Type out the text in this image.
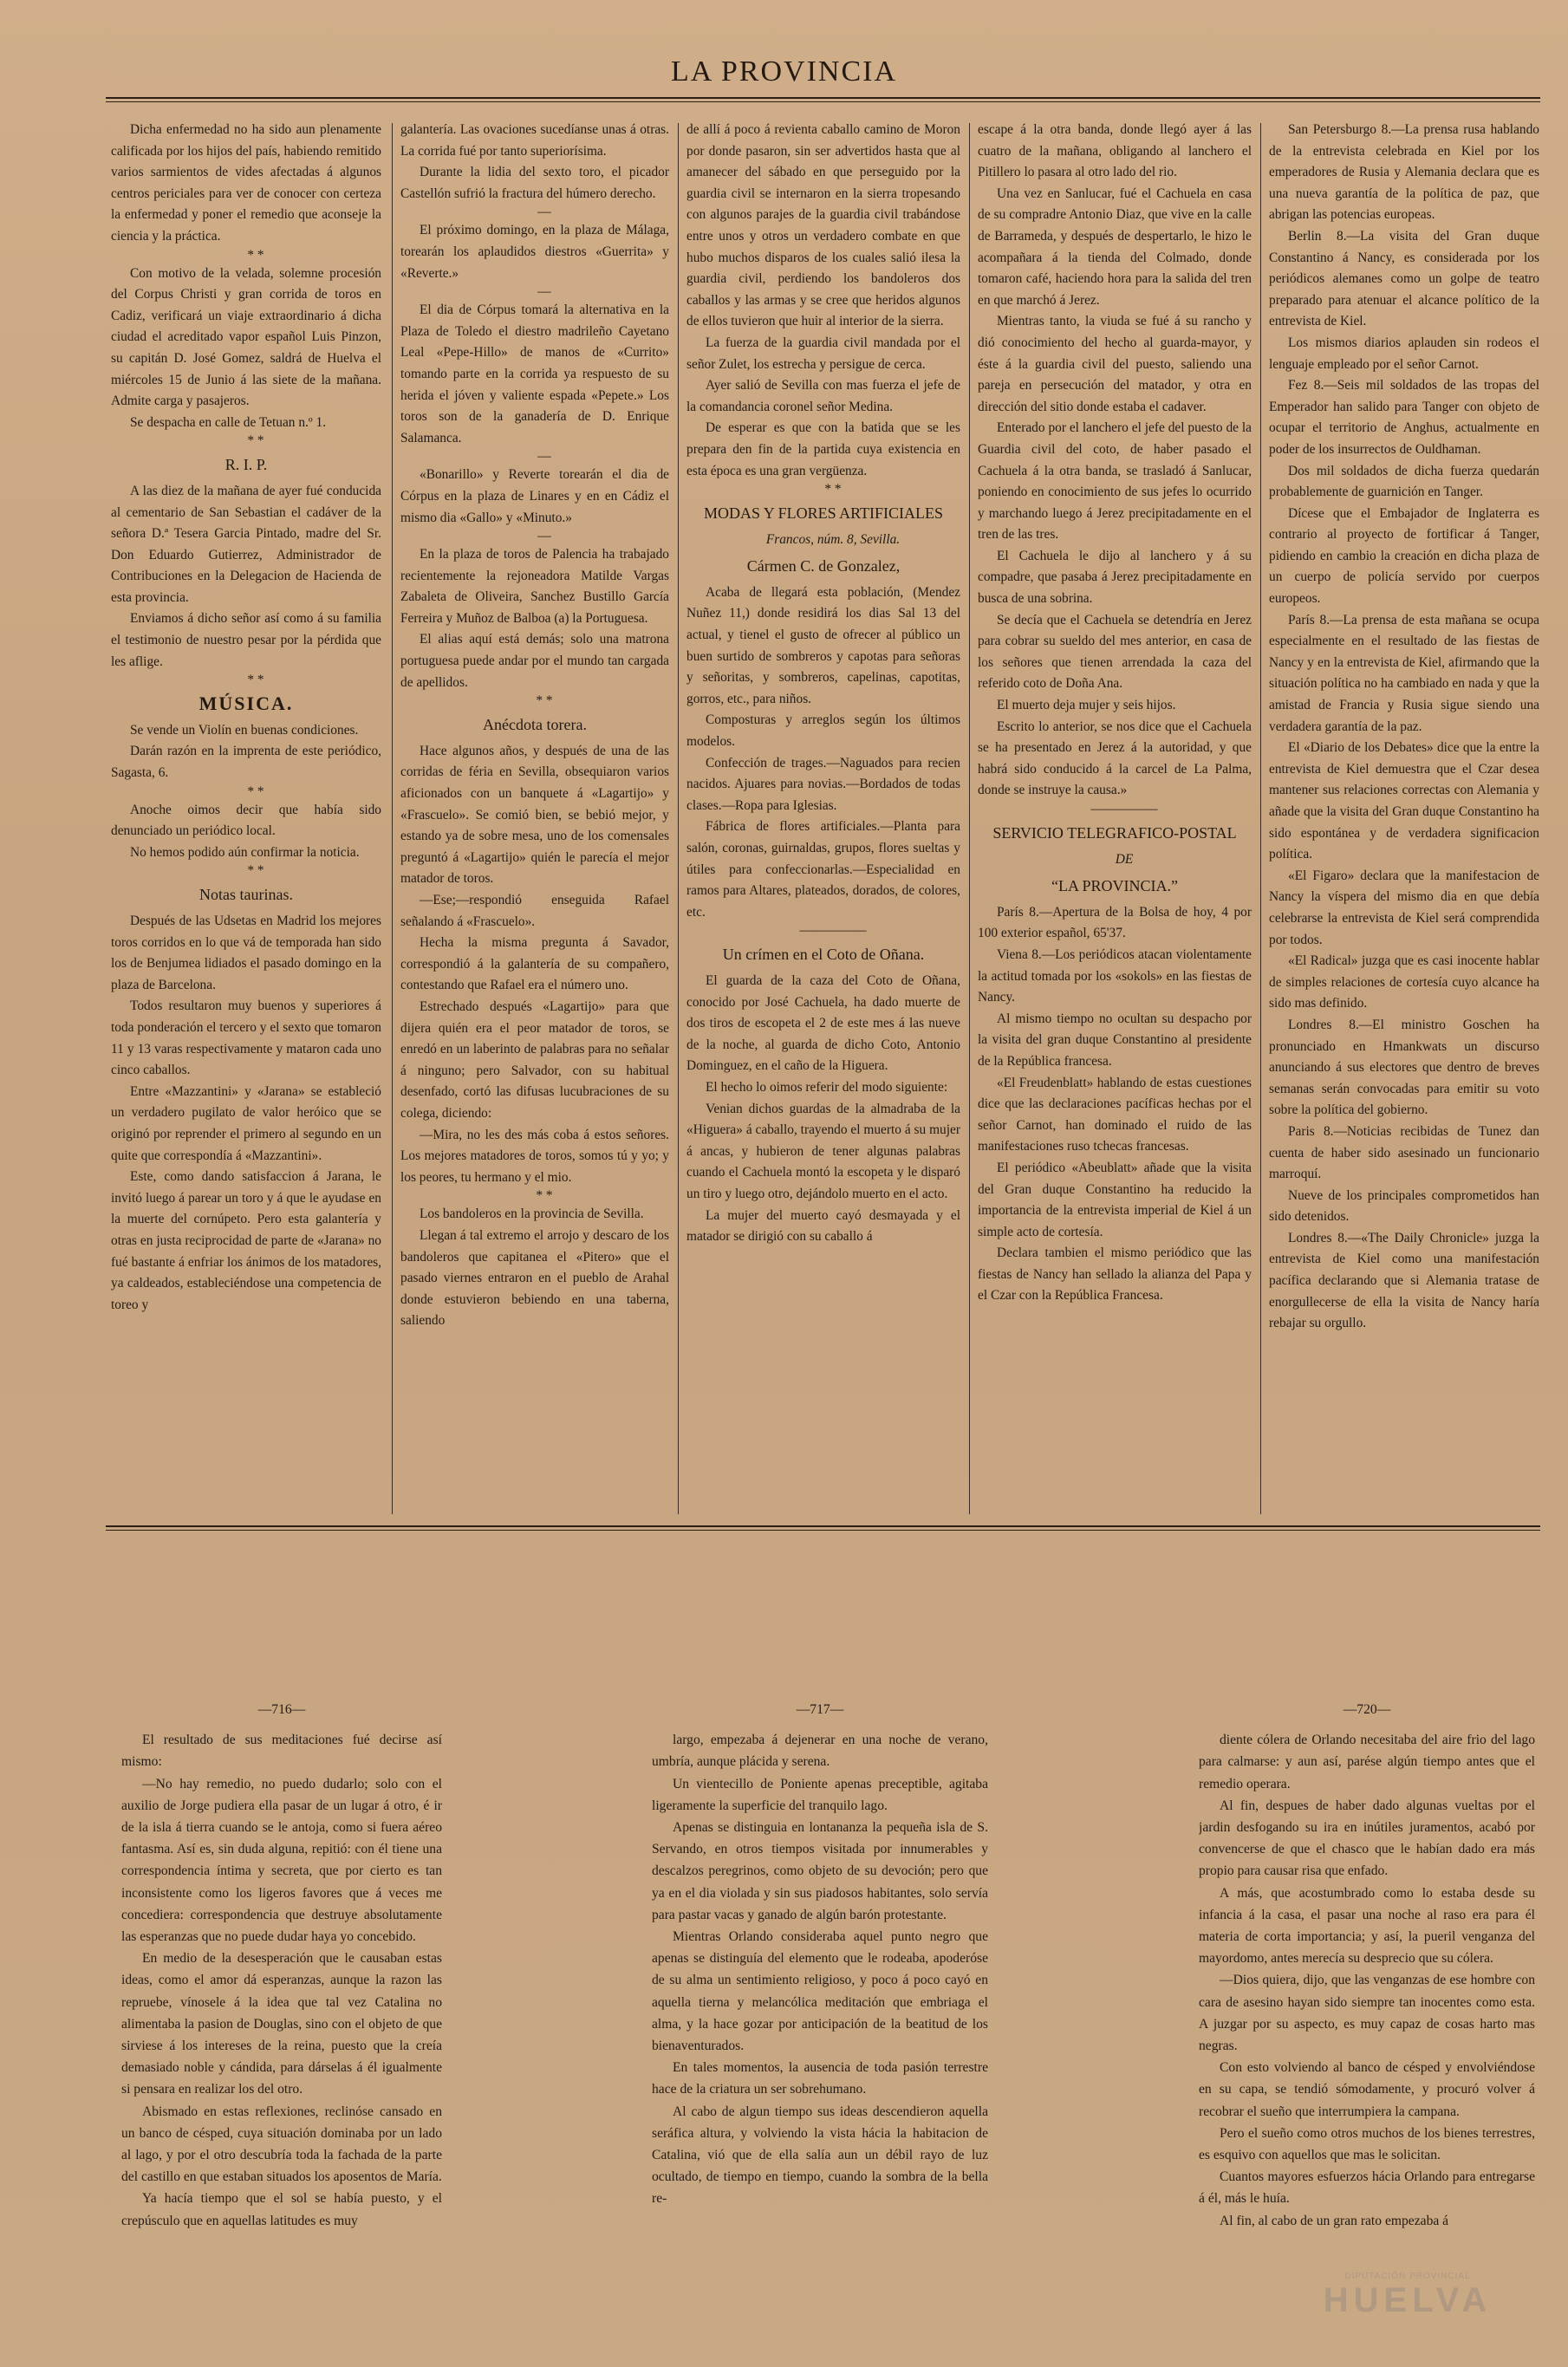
LA PROVINCIA

Dicha enfermedad no ha sido aun plenamente calificada por los hijos del país, habiendo remitido varios sarmientos de vides afectadas á algunos centros periciales para ver de conocer con certeza la enfermedad y poner el remedio que aconseje la ciencia y la práctica.

* *

Con motivo de la velada, solemne procesión del Corpus Christi y gran corrida de toros en Cadiz, verificará un viaje extraordinario á dicha ciudad el acreditado vapor español Luis Pinzon, su capitán D. José Gomez, saldrá de Huelva el miércoles 15 de Junio á las siete de la mañana. Admite carga y pasajeros.

Se despacha en calle de Tetuan n.º 1.

* *

R. I. P.

A las diez de la mañana de ayer fué conducida al cementario de San Sebastian el cadáver de la señora D.ª Tesera Garcia Pintado, madre del Sr. Don Eduardo Gutierrez, Administrador de Contribuciones en la Delegacion de Hacienda de esta provincia.

Enviamos á dicho señor así como á su familia el testimonio de nuestro pesar por la pérdida que les aflige.

* *

MÚSICA.

Se vende un Violín en buenas condiciones.

Darán razón en la imprenta de este periódico, Sagasta, 6.

* *

Anoche oimos decir que había sido denunciado un periódico local.

No hemos podido aún confirmar la noticia.

* *

Notas taurinas.

Después de las Udsetas en Madrid los mejores toros corridos en lo que vá de temporada han sido los de Benjumea lidiados el pasado domingo en la plaza de Barcelona.

Todos resultaron muy buenos y superiores á toda ponderación el tercero y el sexto que tomaron 11 y 13 varas respectivamente y mataron cada uno cinco caballos.

Entre «Mazzantini» y «Jarana» se estableció un verdadero pugilato de valor heróico que se originó por reprender el primero al segundo en un quite que correspondía á «Mazzantini».

Este, como dando satisfaccion á Jarana, le invitó luego á parear un toro y á que le ayudase en la muerte del cornúpeto. Pero esta galantería y otras en justa reciprocidad de parte de «Jarana» no fué bastante á enfriar los ánimos de los matadores, ya caldeados, estableciéndose una competencia de toreo y

galantería. Las ovaciones sucedíanse unas á otras. La corrida fué por tanto superiorísima.

Durante la lidia del sexto toro, el picador Castellón sufrió la fractura del húmero derecho.

—

El próximo domingo, en la plaza de Málaga, torearán los aplaudidos diestros «Guerrita» y «Reverte.»

—

El dia de Córpus tomará la alternativa en la Plaza de Toledo el diestro madrileño Cayetano Leal «Pepe-Hillo» de manos de «Currito» tomando parte en la corrida ya respuesto de su herida el jóven y valiente espada «Pepete.» Los toros son de la ganadería de D. Enrique Salamanca.

—

«Bonarillo» y Reverte torearán el dia de Córpus en la plaza de Linares y en en Cádiz el mismo dia «Gallo» y «Minuto.»

—

En la plaza de toros de Palencia ha trabajado recientemente la rejoneadora Matilde Vargas Zabaleta de Oliveira, Sanchez Bustillo García Ferreira y Muñoz de Balboa (a) la Portuguesa.

El alias aquí está demás; solo una matrona portuguesa puede andar por el mundo tan cargada de apellidos.

* *

Anécdota torera.

Hace algunos años, y después de una de las corridas de féria en Sevilla, obsequiaron varios aficionados con un banquete á «Lagartijo» y «Frascuelo». Se comió bien, se bebió mejor, y estando ya de sobre mesa, uno de los comensales preguntó á «Lagartijo» quién le parecía el mejor matador de toros.

—Ese;—respondió enseguida Rafael señalando á «Frascuelo».

Hecha la misma pregunta á Savador, correspondió á la galantería de su compañero, contestando que Rafael era el número uno.

Estrechado después «Lagartijo» para que dijera quién era el peor matador de toros, se enredó en un laberinto de palabras para no señalar á ninguno; pero Salvador, con su habitual desenfado, cortó las difusas lucubraciones de su colega, diciendo:

—Mira, no les des más coba á estos señores. Los mejores matadores de toros, somos tú y yo; y los peores, tu hermano y el mio.

* *

Los bandoleros en la provincia de Sevilla.

Llegan á tal extremo el arrojo y descaro de los bandoleros que capitanea el «Pitero» que el pasado viernes entraron en el pueblo de Arahal donde estuvieron bebiendo en una taberna, saliendo

de allí á poco á revienta caballo camino de Moron por donde pasaron, sin ser advertidos hasta que al amanecer del sábado en que perseguido por la guardia civil se internaron en la sierra tropesando con algunos parajes de la guardia civil trabándose entre unos y otros un verdadero combate en que hubo muchos disparos de los cuales salió ilesa la guardia civil, perdiendo los bandoleros dos caballos y las armas y se cree que heridos algunos de ellos tuvieron que huir al interior de la sierra.

La fuerza de la guardia civil mandada por el señor Zulet, los estrecha y persigue de cerca.

Ayer salió de Sevilla con mas fuerza el jefe de la comandancia coronel señor Medina.

De esperar es que con la batida que se les prepara den fin de la partida cuya existencia en esta época es una gran vergüenza.

* *

MODAS Y FLORES ARTIFICIALES

Francos, núm. 8, Sevilla.

Cármen C. de Gonzalez,

Acaba de llegará esta población, (Mendez Nuñez 11,) donde residirá los dias Sal 13 del actual, y tienel el gusto de ofrecer al público un buen surtido de sombreros y capotas para señoras y señoritas, y sombreros, capelinas, capotitas, gorros, etc., para niños.

Composturas y arreglos según los últimos modelos.

Confección de trages.—Naguados para recien nacidos. Ajuares para novias.—Bordados de todas clases.—Ropa para Iglesias.

Fábrica de flores artificiales.—Planta para salón, coronas, guirnaldas, grupos, flores sueltas y útiles para confeccionarlas.—Especialidad en ramos para Altares, plateados, dorados, de colores, etc.

—————

Un crímen en el Coto de Oñana.

El guarda de la caza del Coto de Oñana, conocido por José Cachuela, ha dado muerte de dos tiros de escopeta el 2 de este mes á las nueve de la noche, al guarda de dicho Coto, Antonio Dominguez, en el caño de la Higuera.

El hecho lo oimos referir del modo siguiente:

Venian dichos guardas de la almadraba de la «Higuera» á caballo, trayendo el muerto á su mujer á ancas, y hubieron de tener algunas palabras cuando el Cachuela montó la escopeta y le disparó un tiro y luego otro, dejándolo muerto en el acto.

La mujer del muerto cayó desmayada y el matador se dirigió con su caballo á

escape á la otra banda, donde llegó ayer á las cuatro de la mañana, obligando al lanchero el Pitillero lo pasara al otro lado del rio.

Una vez en Sanlucar, fué el Cachuela en casa de su compradre Antonio Diaz, que vive en la calle de Barrameda, y después de despertarlo, le hizo le acompañara á la tienda del Colmado, donde tomaron café, haciendo hora para la salida del tren en que marchó á Jerez.

Mientras tanto, la viuda se fué á su rancho y dió conocimiento del hecho al guarda-mayor, y éste á la guardia civil del puesto, saliendo una pareja en persecución del matador, y otra en dirección del sitio donde estaba el cadaver.

Enterado por el lanchero el jefe del puesto de la Guardia civil del coto, de haber pasado el Cachuela á la otra banda, se trasladó á Sanlucar, poniendo en conocimiento de sus jefes lo ocurrido y marchando luego á Jerez precipitadamente en el tren de las tres.

El Cachuela le dijo al lanchero y á su compadre, que pasaba á Jerez precipitadamente en busca de una sobrina.

Se decía que el Cachuela se detendría en Jerez para cobrar su sueldo del mes anterior, en casa de los señores que tienen arrendada la caza del referido coto de Doña Ana.

El muerto deja mujer y seis hijos.

Escrito lo anterior, se nos dice que el Cachuela se ha presentado en Jerez á la autoridad, y que habrá sido conducido á la carcel de La Palma, donde se instruye la causa.»

—————

SERVICIO TELEGRAFICO-POSTAL

DE

“LA PROVINCIA.”

París 8.—Apertura de la Bolsa de hoy, 4 por 100 exterior español, 65'37.

Viena 8.—Los periódicos atacan violentamente la actitud tomada por los «sokols» en las fiestas de Nancy.

Al mismo tiempo no ocultan su despacho por la visita del gran duque Constantino al presidente de la República francesa.

«El Freudenblatt» hablando de estas cuestiones dice que las declaraciones pacíficas hechas por el señor Carnot, han dominado el ruido de las manifestaciones ruso tchecas francesas.

El periódico «Abeublatt» añade que la visita del Gran duque Constantino ha reducido la importancia de la entrevista imperial de Kiel á un simple acto de cortesía.

Declara tambien el mismo periódico que las fiestas de Nancy han sellado la alianza del Papa y el Czar con la República Francesa.

San Petersburgo 8.—La prensa rusa hablando de la entrevista celebrada en Kiel por los emperadores de Rusia y Alemania declara que es una nueva garantía de la política de paz, que abrigan las potencias europeas.

Berlin 8.—La visita del Gran duque Constantino á Nancy, es considerada por los periódicos alemanes como un golpe de teatro preparado para atenuar el alcance político de la entrevista de Kiel.

Los mismos diarios aplauden sin rodeos el lenguaje empleado por el señor Carnot.

Fez 8.—Seis mil soldados de las tropas del Emperador han salido para Tanger con objeto de ocupar el territorio de Anghus, actualmente en poder de los insurrectos de Ouldhaman.

Dos mil soldados de dicha fuerza quedarán probablemente de guarnición en Tanger.

Dícese que el Embajador de Inglaterra es contrario al proyecto de fortificar á Tanger, pidiendo en cambio la creación en dicha plaza de un cuerpo de policía servido por cuerpos europeos.

París 8.—La prensa de esta mañana se ocupa especialmente en el resultado de las fiestas de Nancy y en la entrevista de Kiel, afirmando que la situación política no ha cambiado en nada y que la amistad de Francia y Rusia sigue siendo una verdadera garantía de la paz.

El «Diario de los Debates» dice que la entre la entrevista de Kiel demuestra que el Czar desea mantener sus relaciones correctas con Alemania y añade que la visita del Gran duque Constantino ha sido espontánea y de verdadera significacion política.

«El Figaro» declara que la manifestacion de Nancy la víspera del mismo dia en que debía celebrarse la entrevista de Kiel será comprendida por todos.

«El Radical» juzga que es casi inocente hablar de simples relaciones de cortesía cuyo alcance ha sido mas definido.

Londres 8.—El ministro Goschen ha pronunciado en Hmankwats un discurso anunciando á sus electores que dentro de breves semanas serán convocadas para emitir su voto sobre la política del gobierno.

Paris 8.—Noticias recibidas de Tunez dan cuenta de haber sido asesinado un funcionario marroquí.

Nueve de los principales comprometidos han sido detenidos.

Londres 8.—«The Daily Chronicle» juzga la entrevista de Kiel como una manifestación pacífica declarando que si Alemania tratase de enorgullecerse de ella la visita de Nancy haría rebajar su orgullo.

—716—

El resultado de sus meditaciones fué decirse así mismo:

—No hay remedio, no puedo dudarlo; solo con el auxilio de Jorge pudiera ella pasar de un lugar á otro, é ir de la isla á tierra cuando se le antoja, como si fuera aéreo fantasma. Así es, sin duda alguna, repitió: con él tiene una correspondencia íntima y secreta, que por cierto es tan inconsistente como los ligeros favores que á veces me concediera: correspondencia que destruye absolutamente las esperanzas que no puede dudar haya yo concebido.

En medio de la desesperación que le causaban estas ideas, como el amor dá esperanzas, aunque la razon las repruebe, vínosele á la idea que tal vez Catalina no alimentaba la pasion de Douglas, sino con el objeto de que sirviese á los intereses de la reina, puesto que la creía demasiado noble y cándida, para dárselas á él igualmente si pensara en realizar los del otro.

Abismado en estas reflexiones, reclinóse cansado en un banco de césped, cuya situación dominaba por un lado al lago, y por el otro descubría toda la fachada de la parte del castillo en que estaban situados los aposentos de María.

Ya hacía tiempo que el sol se había puesto, y el crepúsculo que en aquellas latitudes es muy

—717—

largo, empezaba á dejenerar en una noche de verano, umbría, aunque plácida y serena.

Un vientecillo de Poniente apenas preceptible, agitaba ligeramente la superficie del tranquilo lago.

Apenas se distinguia en lontananza la pequeña isla de S. Servando, en otros tiempos visitada por innumerables y descalzos peregrinos, como objeto de su devoción; pero que ya en el dia violada y sin sus piadosos habitantes, solo servía para pastar vacas y ganado de algún barón protestante.

Mientras Orlando consideraba aquel punto negro que apenas se distinguía del elemento que le rodeaba, apoderóse de su alma un sentimiento religioso, y poco á poco cayó en aquella tierna y melancólica meditación que embriaga el alma, y la hace gozar por anticipación de la beatitud de los bienaventurados.

En tales momentos, la ausencia de toda pasión terrestre hace de la criatura un ser sobrehumano.

Al cabo de algun tiempo sus ideas descendieron aquella seráfica altura, y volviendo la vista hácia la habitacion de Catalina, vió que de ella salía aun un débil rayo de luz ocultado, de tiempo en tiempo, cuando la sombra de la bella re-

—720—

diente cólera de Orlando necesitaba del aire frio del lago para calmarse: y aun así, parése algún tiempo antes que el remedio operara.

Al fin, despues de haber dado algunas vueltas por el jardin desfogando su ira en inútiles juramentos, acabó por convencerse de que el chasco que le habían dado era más propio para causar risa que enfado.

A más, que acostumbrado como lo estaba desde su infancia á la casa, el pasar una noche al raso era para él materia de corta importancia; y así, la pueril venganza del mayordomo, antes merecía su desprecio que su cólera.

—Dios quiera, dijo, que las venganzas de ese hombre con cara de asesino hayan sido siempre tan inocentes como esta. A juzgar por su aspecto, es muy capaz de cosas harto mas negras.

Con esto volviendo al banco de césped y envolviéndose en su capa, se tendió sómodamente, y procuró volver á recobrar el sueño que interrumpiera la campana.

Pero el sueño como otros muchos de los bienes terrestres, es esquivo con aquellos que mas le solicitan.

Cuantos mayores esfuerzos hácia Orlando para entregarse á él, más le huía.

Al fin, al cabo de un gran rato empezaba á

DIPUTACIÓN PROVINCIAL
HUELVA
